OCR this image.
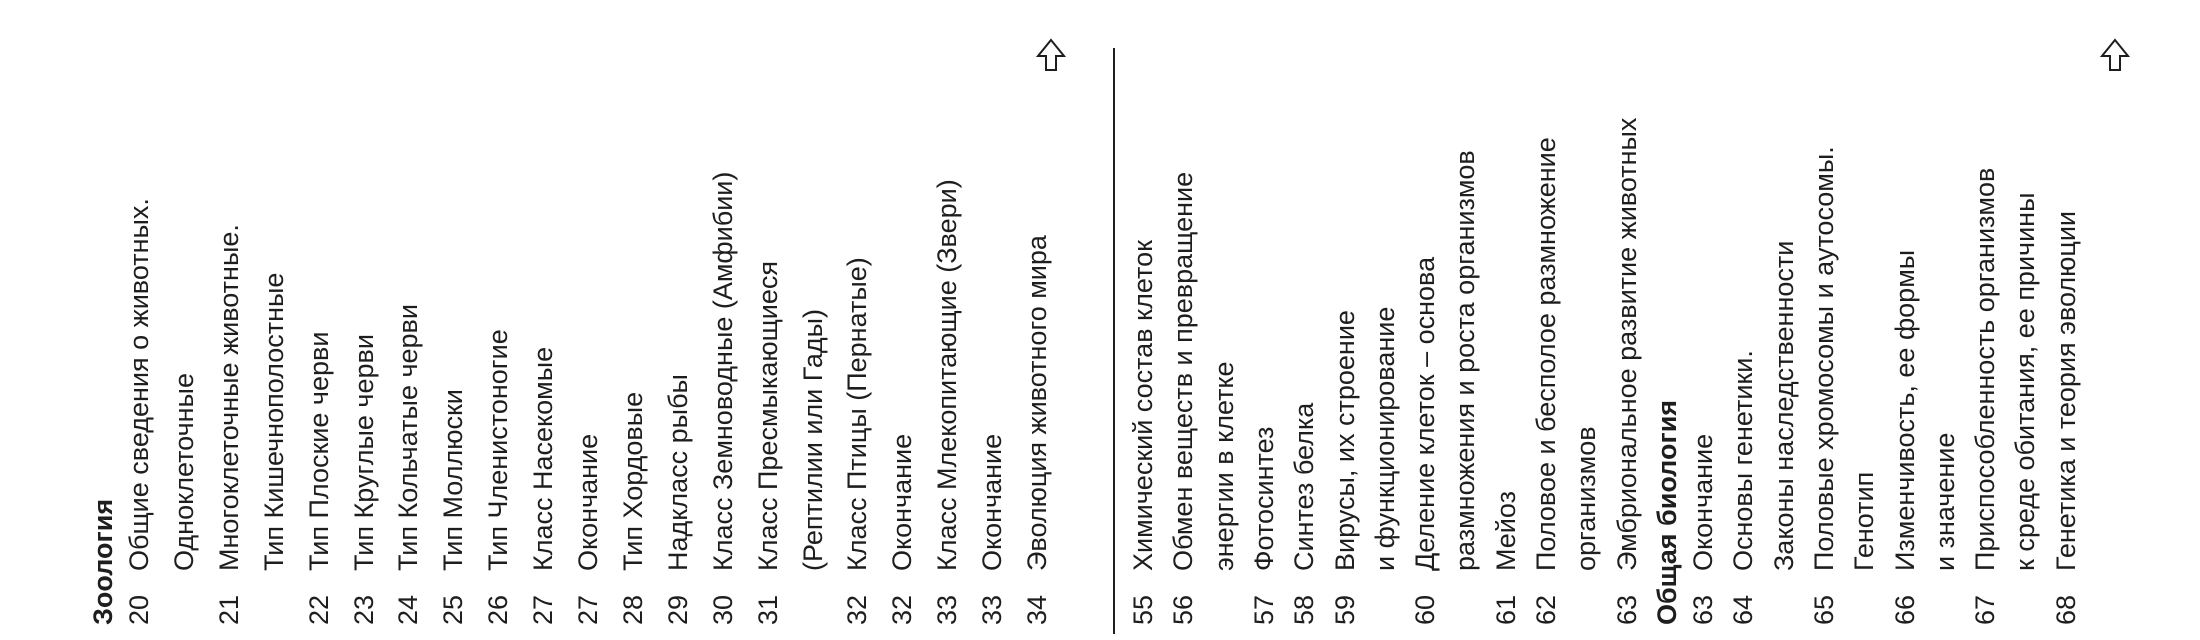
Зоология 20Общие сведения о животных. Одноклеточные
21Многоклеточные животные. Тип Кишечнополостные
22Тип Плоские черви
23Тип Круглые черви
24Тип Кольчатые черви
25Тип Моллюски
26Тип Членистоногие
27Класс Насекомые
27Окончание
28Тип Хордовые
29Надкласс рыбы
30Класс Земноводные (Амфибии)
31Класс Пресмыкающиеся (Рептилии или Гады)
32Класс Птицы (Пернатые)
32Окончание
33Класс Млекопитающие (Звери)
33Окончание
34Эволюция животного мира
55Химический состав клеток
56Обмен веществ и превращение энергии в клетке
57Фотосинтез
58Синтез белка
59Вирусы, их строение и функционирование
60Деление клеток – основа размножения и роста организмов
61Мейоз
62Половое и бесполое размножение организмов
63Эмбриональное развитие животных Общая биология 63Окончание
64Основы генетики. Законы наследственности
65Половые хромосомы и аутосомы. Генотип
66Изменчивость, ее формы и значение
67Приспособленность организмов к среде обитания, ее причины
68Генетика и теория эволюции
